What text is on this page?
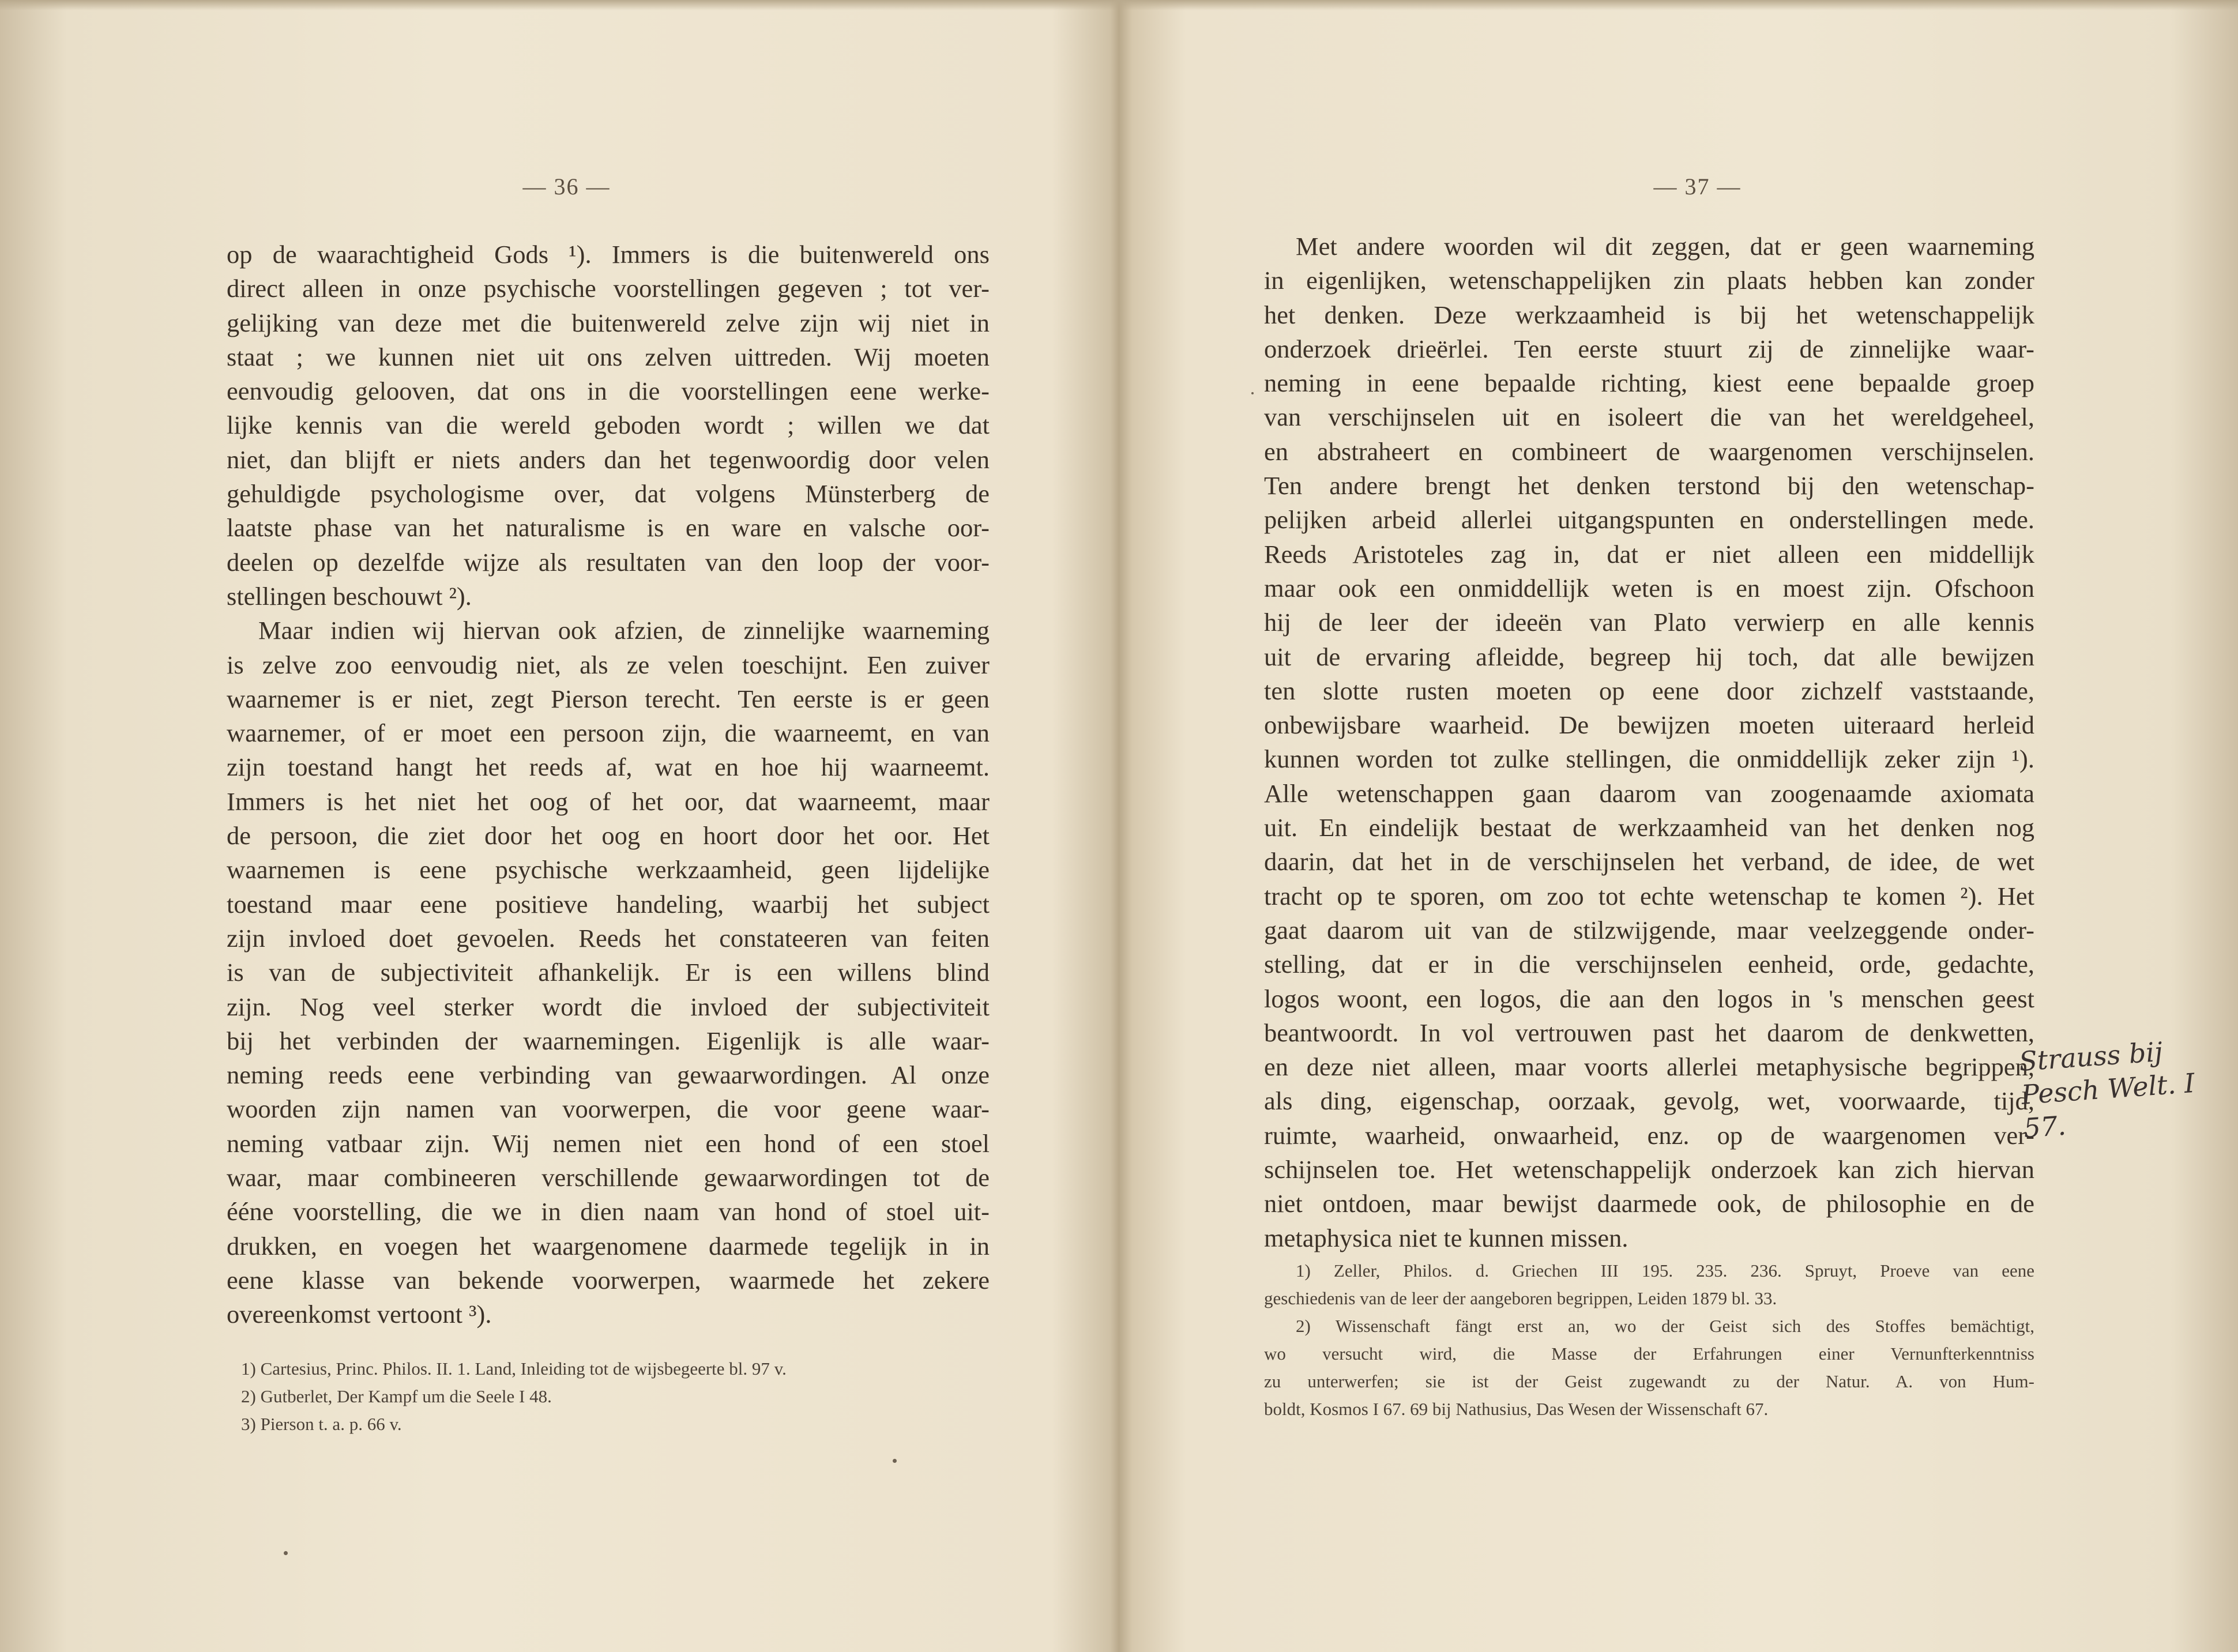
— 36 —
op de waarachtigheid Gods ¹). Immers is die buitenwereld ons
direct alleen in onze psychische voorstellingen gegeven ; tot ver-
gelijking van deze met die buitenwereld zelve zijn wij niet in
staat ; we kunnen niet uit ons zelven uittreden. Wij moeten
eenvoudig gelooven, dat ons in die voorstellingen eene werke-
lijke kennis van die wereld geboden wordt ; willen we dat
niet, dan blijft er niets anders dan het tegenwoordig door velen
gehuldigde psychologisme over, dat volgens Münsterberg de
laatste phase van het naturalisme is en ware en valsche oor-
deelen op dezelfde wijze als resultaten van den loop der voor-
stellingen beschouwt ²).
Maar indien wij hiervan ook afzien, de zinnelijke waarneming
is zelve zoo eenvoudig niet, als ze velen toeschijnt. Een zuiver
waarnemer is er niet, zegt Pierson terecht. Ten eerste is er geen
waarnemer, of er moet een persoon zijn, die waarneemt, en van
zijn toestand hangt het reeds af, wat en hoe hij waarneemt.
Immers is het niet het oog of het oor, dat waarneemt, maar
de persoon, die ziet door het oog en hoort door het oor. Het
waarnemen is eene psychische werkzaamheid, geen lijdelijke
toestand maar eene positieve handeling, waarbij het subject
zijn invloed doet gevoelen. Reeds het constateeren van feiten
is van de subjectiviteit afhankelijk. Er is een willens blind
zijn. Nog veel sterker wordt die invloed der subjectiviteit
bij het verbinden der waarnemingen. Eigenlijk is alle waar-
neming reeds eene verbinding van gewaarwordingen. Al onze
woorden zijn namen van voorwerpen, die voor geene waar-
neming vatbaar zijn. Wij nemen niet een hond of een stoel
waar, maar combineeren verschillende gewaarwordingen tot de
ééne voorstelling, die we in dien naam van hond of stoel uit-
drukken, en voegen het waargenomene daarmede tegelijk in in
eene klasse van bekende voorwerpen, waarmede het zekere
overeenkomst vertoont ³).
1) Cartesius, Princ. Philos. II. 1. Land, Inleiding tot de wijsbegeerte bl. 97 v.
2) Gutberlet, Der Kampf um die Seele I 48.
3) Pierson t. a. p. 66 v.
— 37 —
Met andere woorden wil dit zeggen, dat er geen waarneming
in eigenlijken, wetenschappelijken zin plaats hebben kan zonder
het denken. Deze werkzaamheid is bij het wetenschappelijk
onderzoek drieërlei. Ten eerste stuurt zij de zinnelijke waar-
neming in eene bepaalde richting, kiest eene bepaalde groep
van verschijnselen uit en isoleert die van het wereldgeheel,
en abstraheert en combineert de waargenomen verschijnselen.
Ten andere brengt het denken terstond bij den wetenschap-
pelijken arbeid allerlei uitgangspunten en onderstellingen mede.
Reeds Aristoteles zag in, dat er niet alleen een middellijk
maar ook een onmiddellijk weten is en moest zijn. Ofschoon
hij de leer der ideeën van Plato verwierp en alle kennis
uit de ervaring afleidde, begreep hij toch, dat alle bewijzen
ten slotte rusten moeten op eene door zichzelf vaststaande,
onbewijsbare waarheid. De bewijzen moeten uiteraard herleid
kunnen worden tot zulke stellingen, die onmiddellijk zeker zijn ¹).
Alle wetenschappen gaan daarom van zoogenaamde axiomata
uit. En eindelijk bestaat de werkzaamheid van het denken nog
daarin, dat het in de verschijnselen het verband, de idee, de wet
tracht op te sporen, om zoo tot echte wetenschap te komen ²). Het
gaat daarom uit van de stilzwijgende, maar veelzeggende onder-
stelling, dat er in die verschijnselen eenheid, orde, gedachte,
logos woont, een logos, die aan den logos in 's menschen geest
beantwoordt. In vol vertrouwen past het daarom de denkwetten,
en deze niet alleen, maar voorts allerlei metaphysische begrippen,
als ding, eigenschap, oorzaak, gevolg, wet, voorwaarde, tijd,
ruimte, waarheid, onwaarheid, enz. op de waargenomen ver-
schijnselen toe. Het wetenschappelijk onderzoek kan zich hiervan
niet ontdoen, maar bewijst daarmede ook, de philosophie en de
metaphysica niet te kunnen missen.
1) Zeller, Philos. d. Griechen III 195. 235. 236. Spruyt, Proeve van eene
geschiedenis van de leer der aangeboren begrippen, Leiden 1879 bl. 33.
2) Wissenschaft fängt erst an, wo der Geist sich des Stoffes bemächtigt,
wo versucht wird, die Masse der Erfahrungen einer Vernunfterkenntniss
zu unterwerfen; sie ist der Geist zugewandt zu der Natur. A. von Hum-
boldt, Kosmos I 67. 69 bij Nathusius, Das Wesen der Wissenschaft 67.
Strauss bij
Pesch Welt. I
57.
